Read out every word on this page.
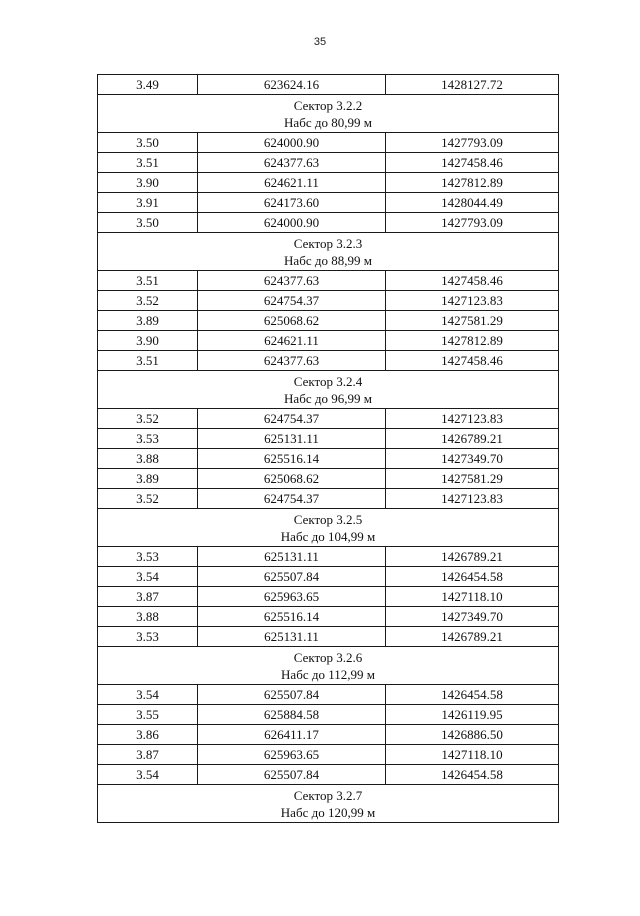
35
3.49	623624.16	1428127.72

Сектор 3.2.2
Набс до 80,99 м		

3.50	624000.90	1427793.09
3.51	624377.63	1427458.46
3.90	624621.11	1427812.89
3.91	624173.60	1428044.49
3.50	624000.90	1427793.09

Сектор 3.2.3
Набс до 88,99 м		

3.51	624377.63	1427458.46
3.52	624754.37	1427123.83
3.89	625068.62	1427581.29
3.90	624621.11	1427812.89
3.51	624377.63	1427458.46

Сектор 3.2.4
Набс до 96,99 м		

3.52	624754.37	1427123.83
3.53	625131.11	1426789.21
3.88	625516.14	1427349.70
3.89	625068.62	1427581.29
3.52	624754.37	1427123.83

Сектор 3.2.5
Набс до 104,99 м		

3.53	625131.11	1426789.21
3.54	625507.84	1426454.58
3.87	625963.65	1427118.10
3.88	625516.14	1427349.70
3.53	625131.11	1426789.21

Сектор 3.2.6
Набс до 112,99 м		

3.54	625507.84	1426454.58
3.55	625884.58	1426119.95
3.86	626411.17	1426886.50
3.87	625963.65	1427118.10
3.54	625507.84	1426454.58

Сектор 3.2.7
Набс до 120,99 м		
